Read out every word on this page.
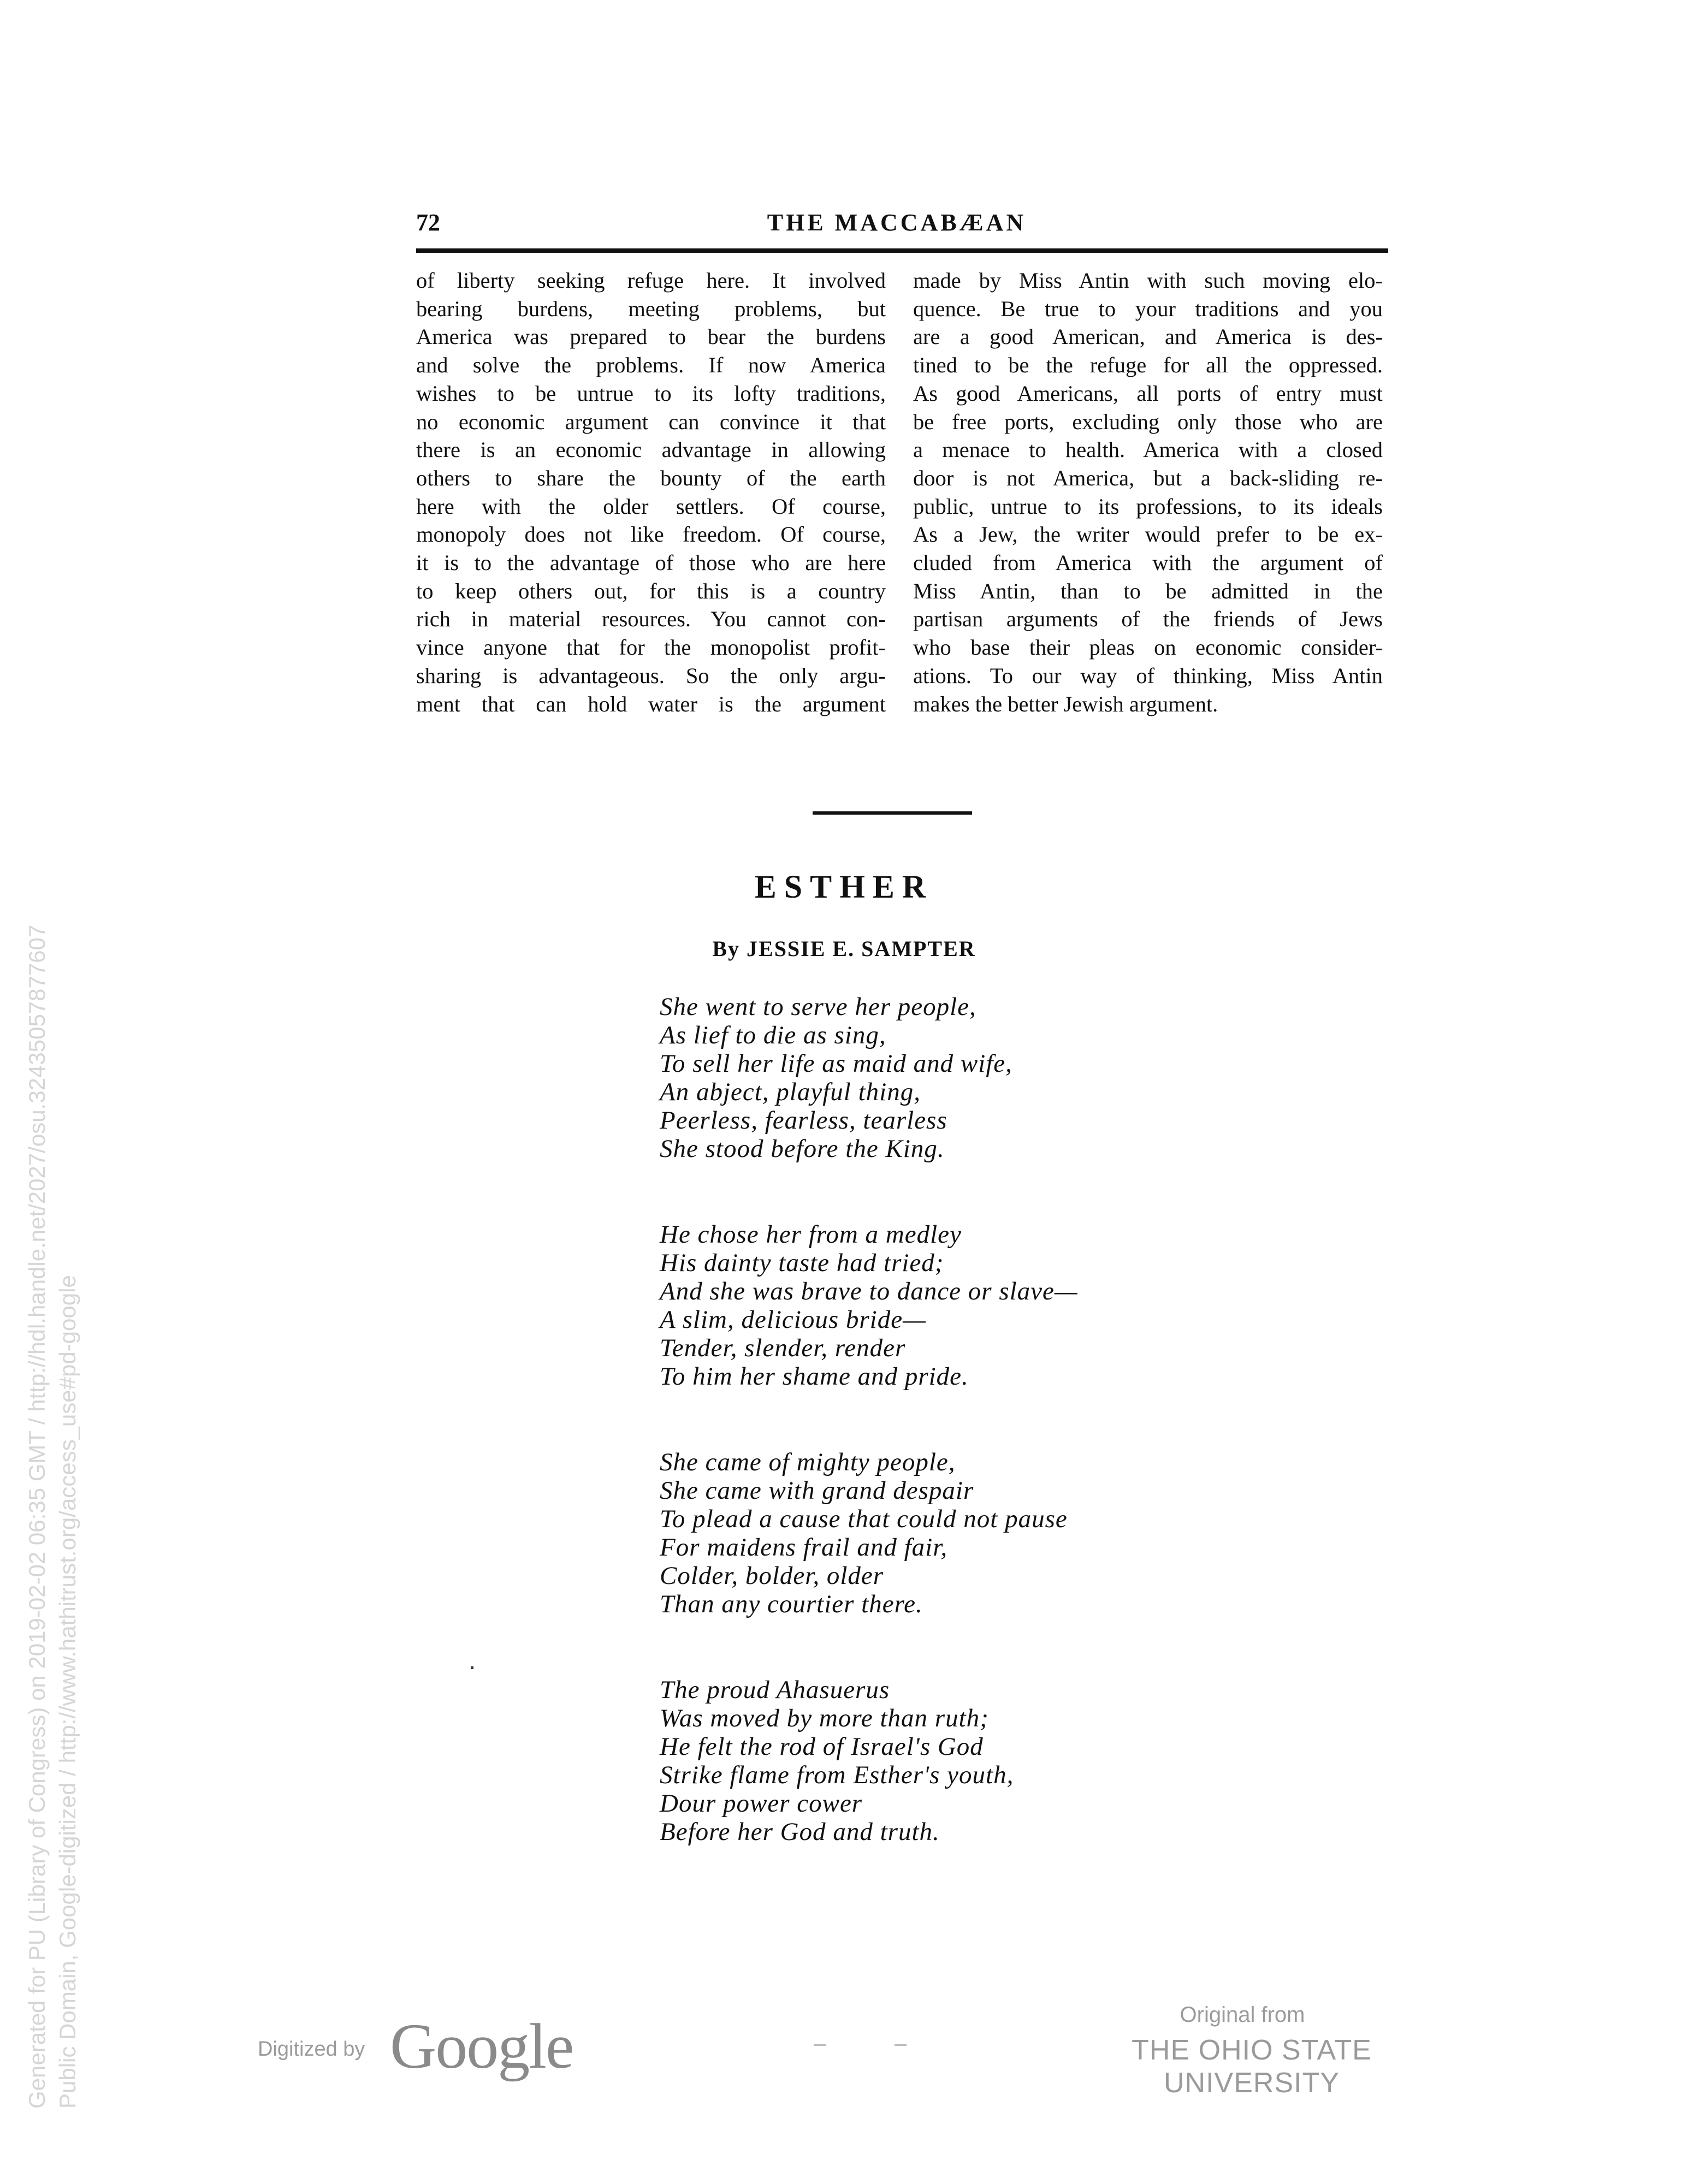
72	THE MACCABÆAN

of liberty seeking refuge here. It involved

bearing burdens, meeting problems, but

America was prepared to bear the burdens

and solve the problems. If now America

wishes to be untrue to its lofty traditions,

no economic argument can convince it that

there is an economic advantage in allowing

others to share the bounty of the earth

here with the older settlers. Of course,

monopoly does not like freedom. Of course,

it is to the advantage of those who are here

to keep others out, for this is a country

rich in material resources. You cannot con-

vince anyone that for the monopolist profit-

sharing is advantageous. So the only argu-

ment that can hold water is the argument

made by Miss Antin with such moving elo-

quence. Be true to your traditions and you

are a good American, and America is des-

tined to be the refuge for all the oppressed.

As good Americans, all ports of entry must

be free ports, excluding only those who are

a menace to health. America with a closed

door is not America, but a back-sliding re-

public, untrue to its professions, to its ideals

As a Jew, the writer would prefer to be ex-

cluded from America with the argument of

Miss Antin, than to be admitted in the

partisan arguments of the friends of Jews

who base their pleas on economic consider-

ations. To our way of thinking, Miss Antin

makes the better Jewish argument.

ESTHER
By JESSIE E. SAMPTER
She went to serve her people,
As lief to die as sing,
To sell her life as maid and wife,
An abject, playful thing,
Peerless, fearless, tearless
She stood before the King.
He chose her from a medley
His dainty taste had tried;
And she was brave to dance or slave—
A slim, delicious bride—
Tender, slender, render
To him her shame and pride.
She came of mighty people,
She came with grand despair
To plead a cause that could not pause
For maidens frail and fair,
Colder, bolder, older
Than any courtier there.
The proud Ahasuerus
Was moved by more than ruth;
He felt the rod of Israel's God
Strike flame from Esther's youth,
Dour power cower
Before her God and truth.
Generated for PU (Library of Congress) on 2019-02-02 06:35 GMT / http://hdl.handle.net/2027/osu.32435057877607 Public Domain, Google-digitized / http://www.hathitrust.org/access_use#pd-google	Digitized by Google	Original from
THE OHIO STATE UNIVERSITY
